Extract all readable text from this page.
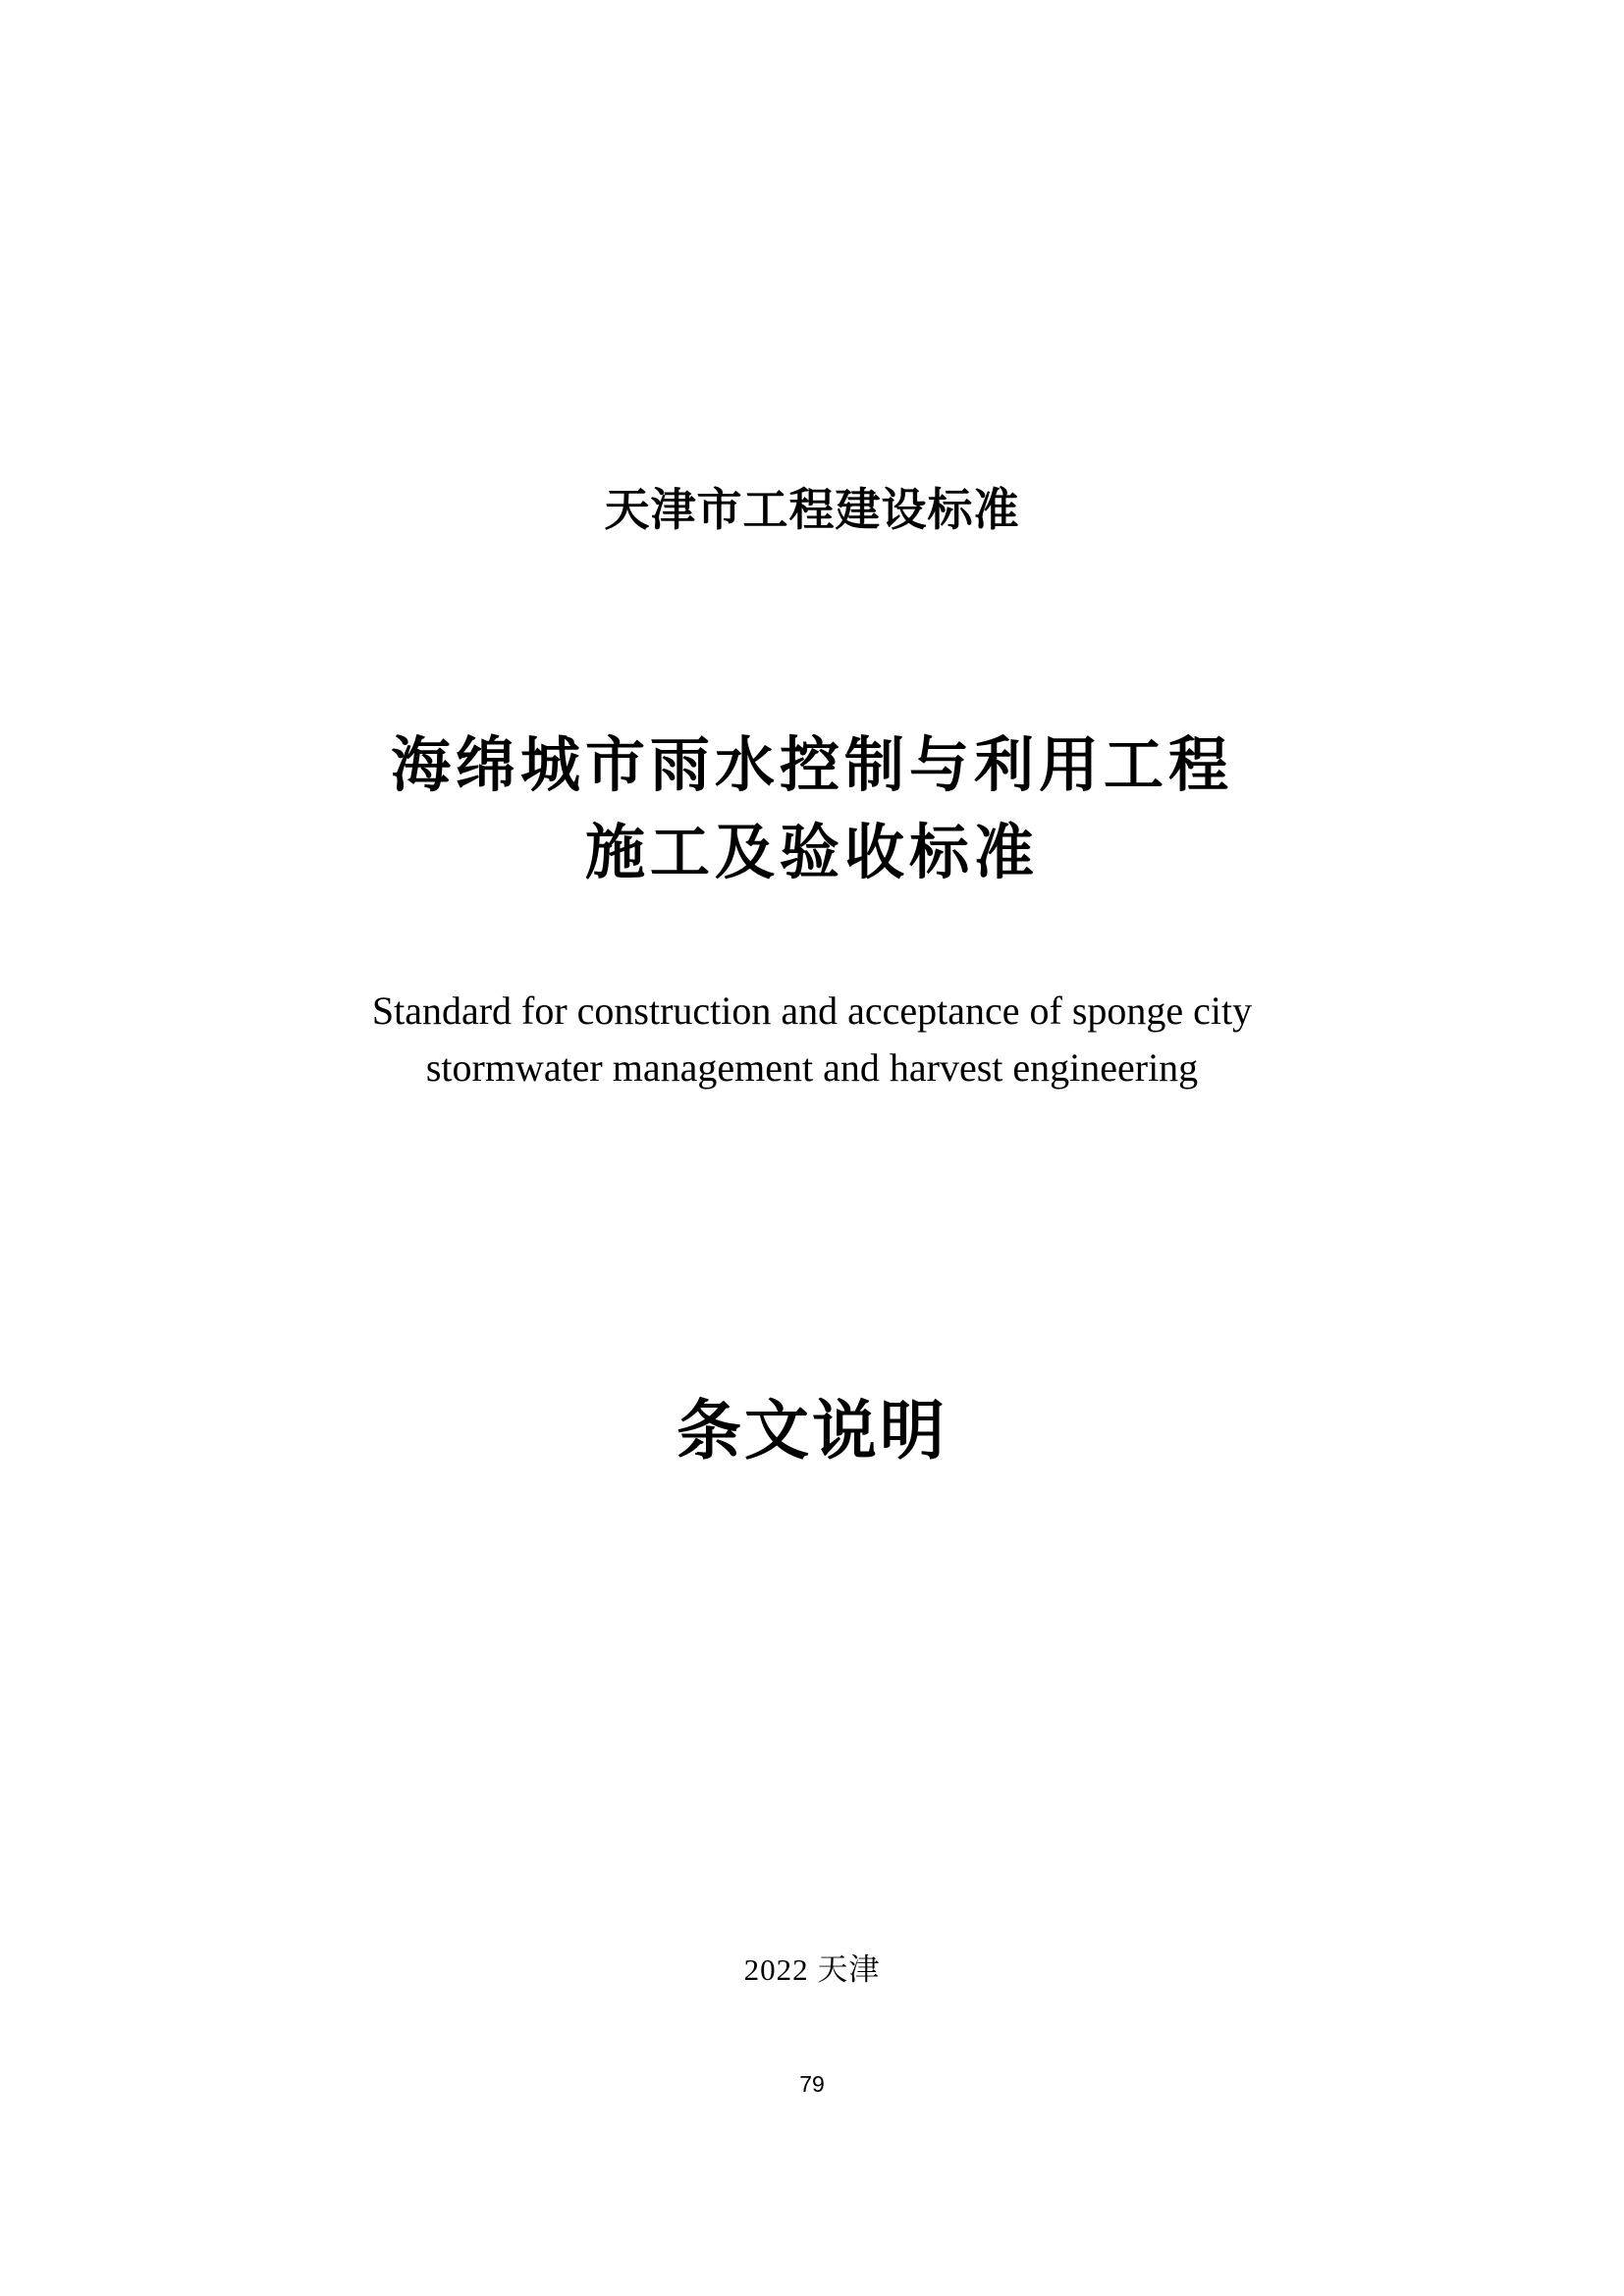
天津市工程建设标准
海绵城市雨水控制与利用工程
施工及验收标准
Standard for construction and acceptance of sponge city
stormwater management and harvest engineering
条文说明
2022 天津
79
